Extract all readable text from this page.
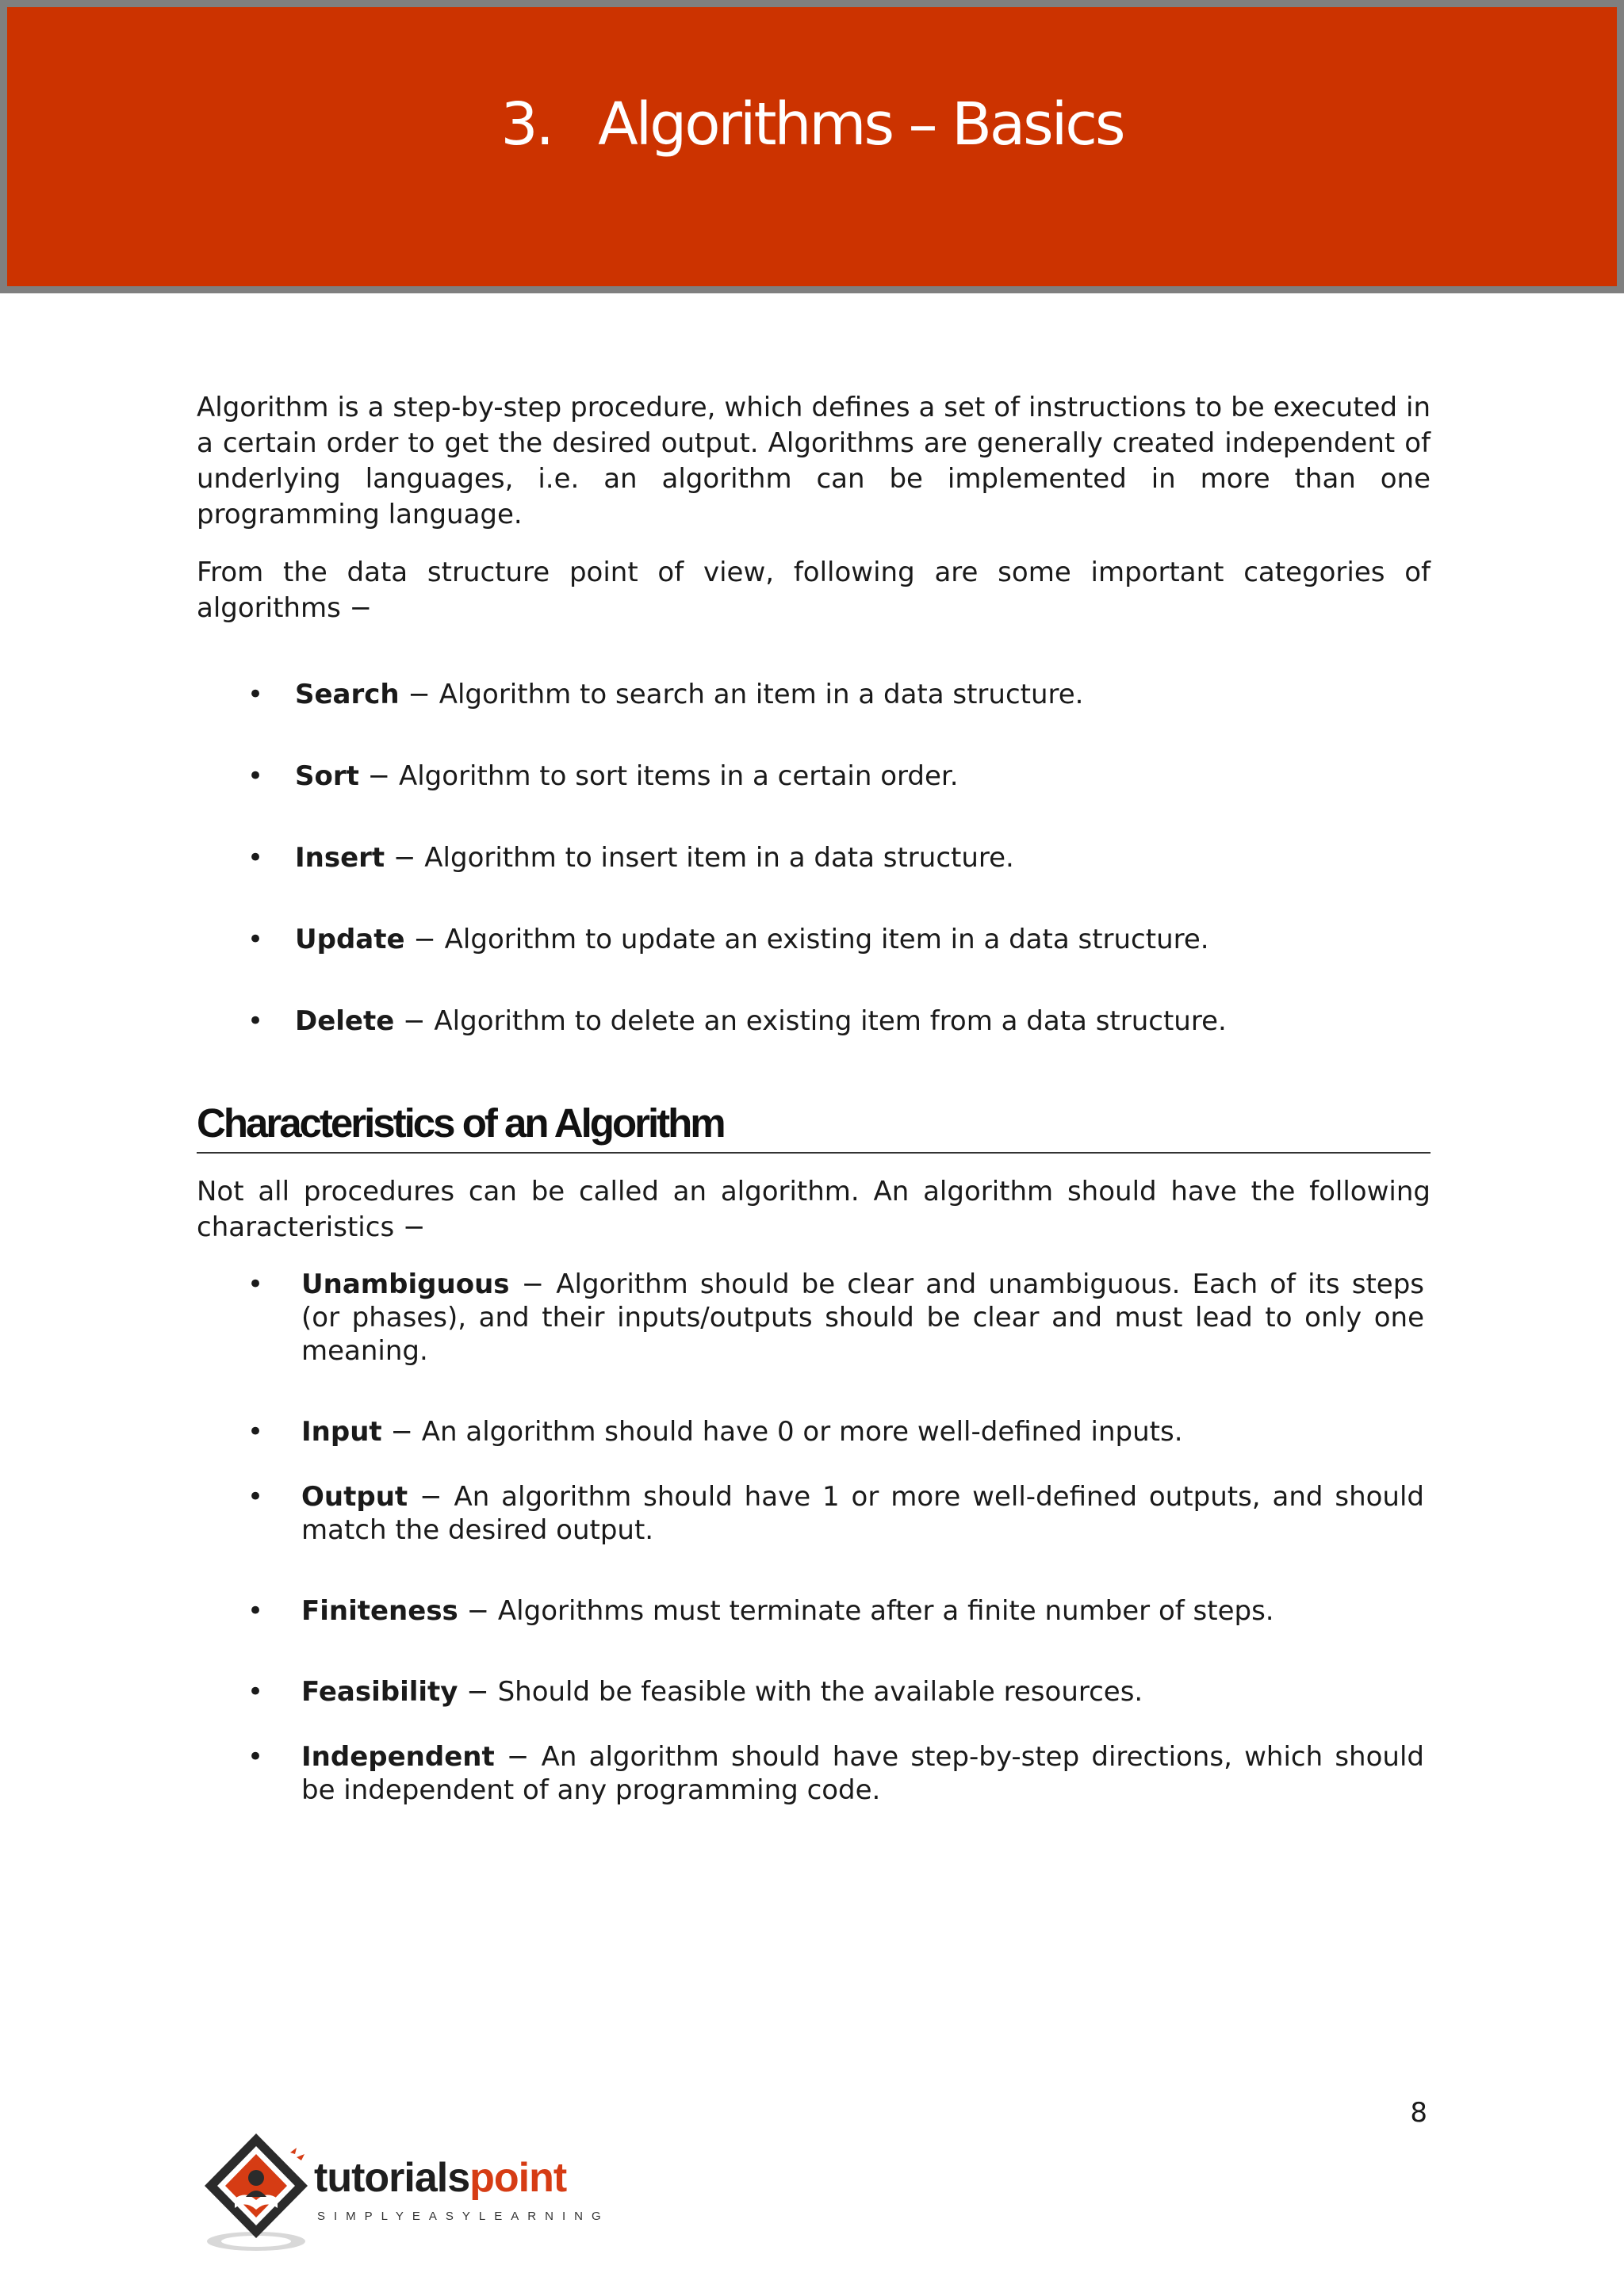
3. Algorithms – Basics

Algorithm is a step-by-step procedure, which defines a set of instructions to be executed in a certain order to get the desired output. Algorithms are generally created independent of underlying languages, i.e. an algorithm can be implemented in more than one programming language.

From the data structure point of view, following are some important categories of algorithms −

• Search − Algorithm to search an item in a data structure.
• Sort − Algorithm to sort items in a certain order.
• Insert − Algorithm to insert item in a data structure.
• Update − Algorithm to update an existing item in a data structure.
• Delete − Algorithm to delete an existing item from a data structure.
Characteristics of an Algorithm

Not all procedures can be called an algorithm. An algorithm should have the following characteristics −

• Unambiguous − Algorithm should be clear and unambiguous. Each of its steps (or phases), and their inputs/outputs should be clear and must lead to only one meaning.
• Input − An algorithm should have 0 or more well-defined inputs.
• Output − An algorithm should have 1 or more well-defined outputs, and should match the desired output.
• Finiteness − Algorithms must terminate after a finite number of steps.
• Feasibility − Should be feasible with the available resources.
• Independent − An algorithm should have step-by-step directions, which should be independent of any programming code.
8
tutorialspoint
SIMPLYEASYLEARNING
